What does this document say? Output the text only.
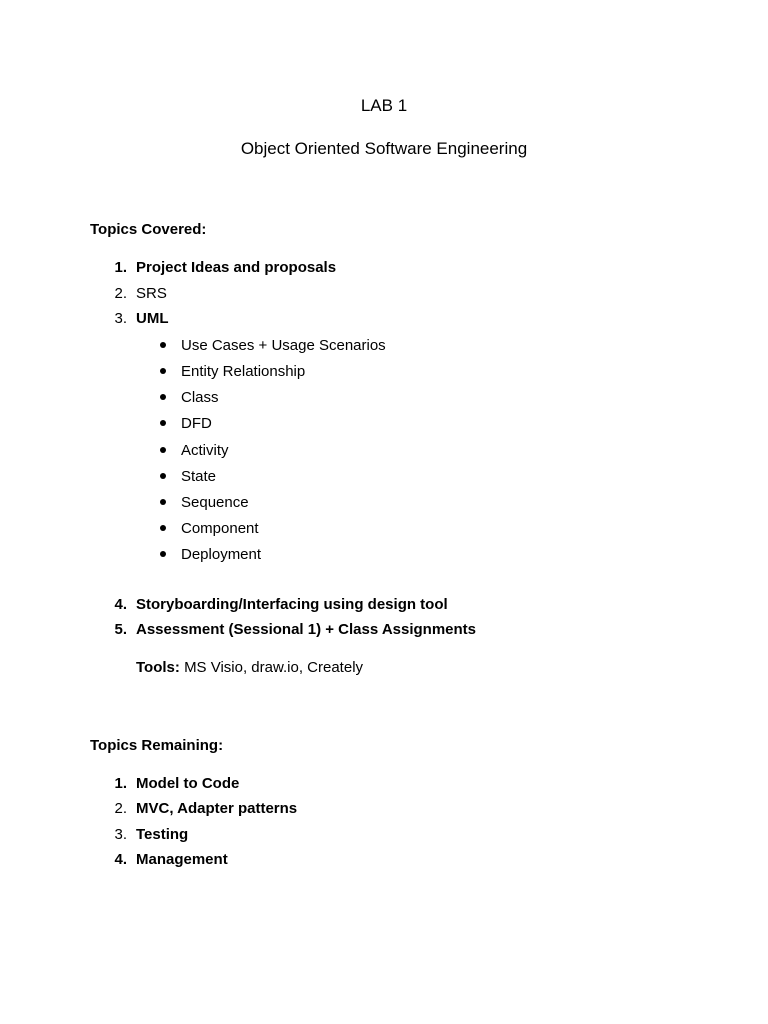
LAB 1
Object Oriented Software Engineering
Topics Covered:
1. Project Ideas and proposals
2. SRS
3. UML
Use Cases + Usage Scenarios
Entity Relationship
Class
DFD
Activity
State
Sequence
Component
Deployment
4. Storyboarding/Interfacing using design tool
5. Assessment (Sessional 1) + Class Assignments
Tools: MS Visio, draw.io, Creately
Topics Remaining:
1. Model to Code
2. MVC, Adapter patterns
3. Testing
4. Management
